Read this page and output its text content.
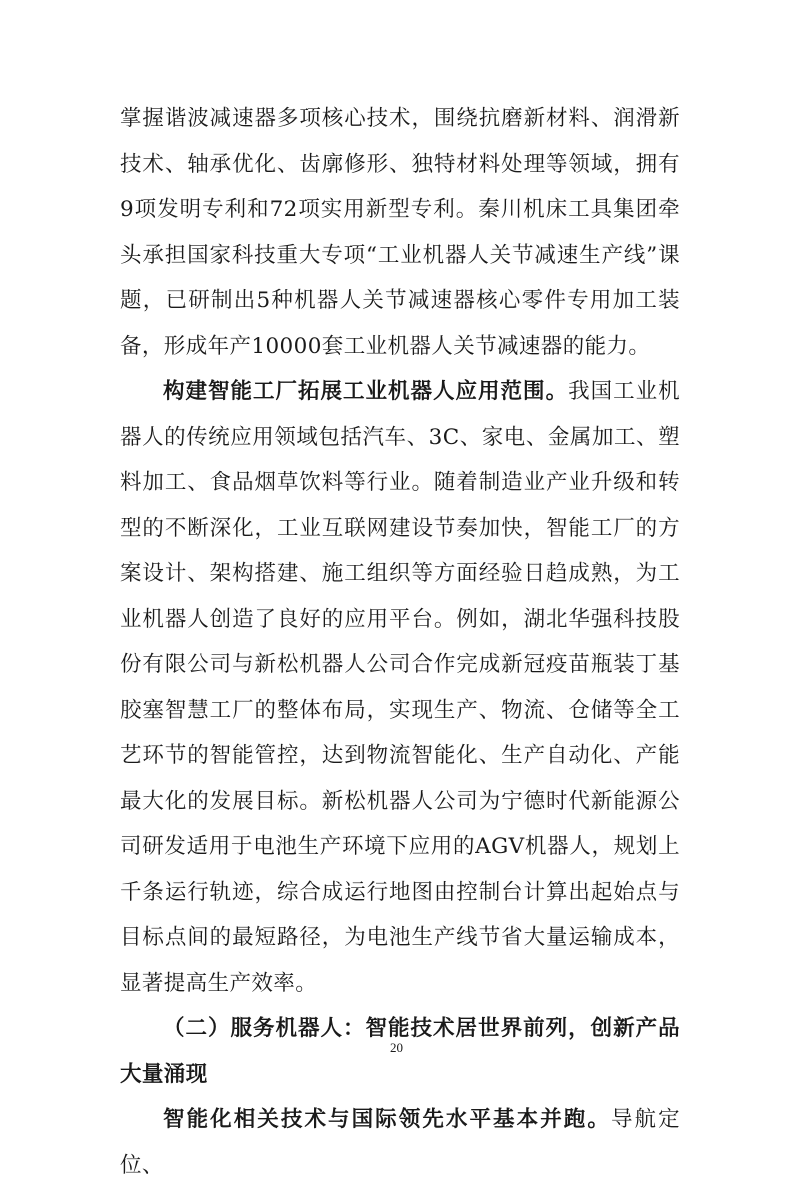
掌握谐波减速器多项核心技术，围绕抗磨新材料、润滑新技术、轴承优化、齿廓修形、独特材料处理等领域，拥有9项发明专利和72项实用新型专利。秦川机床工具集团牵头承担国家科技重大专项“工业机器人关节减速生产线”课题，已研制出5种机器人关节减速器核心零件专用加工装备，形成年产10000套工业机器人关节减速器的能力。

构建智能工厂拓展工业机器人应用范围。我国工业机器人的传统应用领域包括汽车、3C、家电、金属加工、塑料加工、食品烟草饮料等行业。随着制造业产业升级和转型的不断深化，工业互联网建设节奏加快，智能工厂的方案设计、架构搭建、施工组织等方面经验日趋成熟，为工业机器人创造了良好的应用平台。例如，湖北华强科技股份有限公司与新松机器人公司合作完成新冠疫苗瓶装丁基胶塞智慧工厂的整体布局，实现生产、物流、仓储等全工艺环节的智能管控，达到物流智能化、生产自动化、产能最大化的发展目标。新松机器人公司为宁德时代新能源公司研发适用于电池生产环境下应用的AGV机器人，规划上千条运行轨迹，综合成运行地图由控制台计算出起始点与目标点间的最短路径，为电池生产线节省大量运输成本，显著提高生产效率。

（二）服务机器人：智能技术居世界前列，创新产品大量涌现

智能化相关技术与国际领先水平基本并跑。导航定位、

20
